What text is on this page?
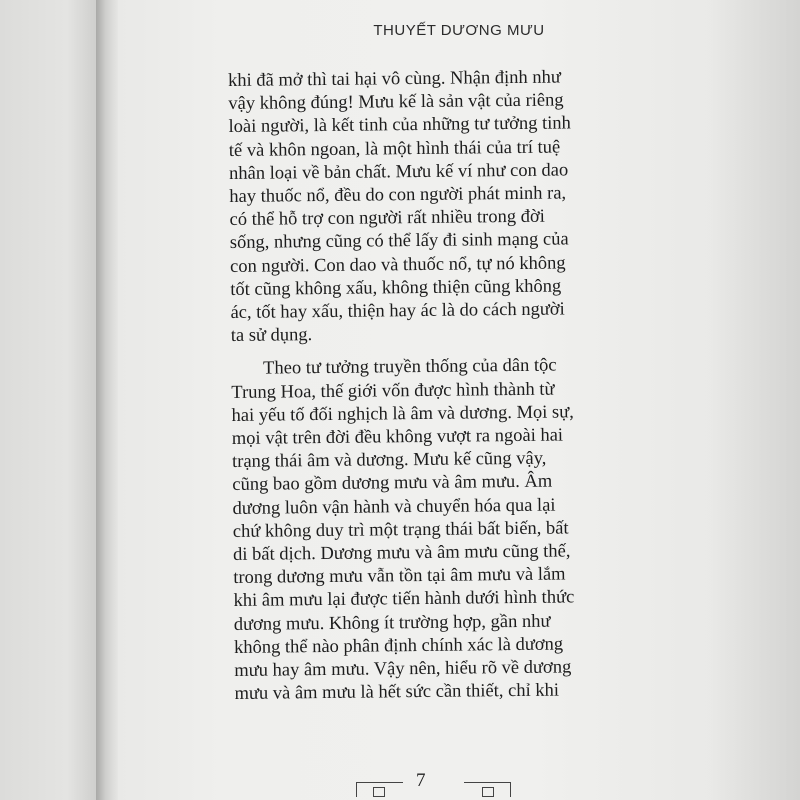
THUYẾT DƯƠNG MƯU
khi đã mở thì tai hại vô cùng. Nhận định như
vậy không đúng! Mưu kế là sản vật của riêng
loài người, là kết tinh của những tư tưởng tinh
tế và khôn ngoan, là một hình thái của trí tuệ
nhân loại về bản chất. Mưu kế ví như con dao
hay thuốc nổ, đều do con người phát minh ra,
có thể hỗ trợ con người rất nhiều trong đời
sống, nhưng cũng có thể lấy đi sinh mạng của
con người. Con dao và thuốc nổ, tự nó không
tốt cũng không xấu, không thiện cũng không
ác, tốt hay xấu, thiện hay ác là do cách người
ta sử dụng.
Theo tư tưởng truyền thống của dân tộc
Trung Hoa, thế giới vốn được hình thành từ
hai yếu tố đối nghịch là âm và dương. Mọi sự,
mọi vật trên đời đều không vượt ra ngoài hai
trạng thái âm và dương. Mưu kế cũng vậy,
cũng bao gồm dương mưu và âm mưu. Âm
dương luôn vận hành và chuyển hóa qua lại
chứ không duy trì một trạng thái bất biến, bất
di bất dịch. Dương mưu và âm mưu cũng thế,
trong dương mưu vẫn tồn tại âm mưu và lắm
khi âm mưu lại được tiến hành dưới hình thức
dương mưu. Không ít trường hợp, gần như
không thể nào phân định chính xác là dương
mưu hay âm mưu. Vậy nên, hiểu rõ về dương
mưu và âm mưu là hết sức cần thiết, chỉ khi
7
